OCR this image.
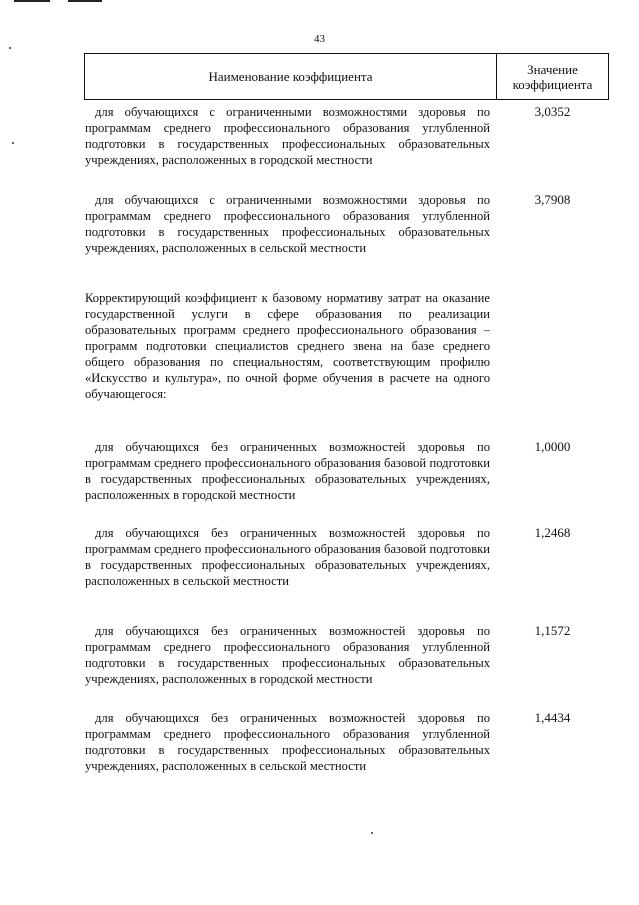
43
Наименование коэффициента	Значение коэффициента
для обучающихся с ограниченными возможностями здоровья по программам среднего профессионального образования углубленной подготовки в государственных профессиональных образовательных учреждениях, расположенных в городской местности
3,0352
для обучающихся с ограниченными возможностями здоровья по программам среднего профессионального образования углубленной подготовки в государственных профессиональных образовательных учреждениях, расположенных в сельской местности
3,7908
Корректирующий коэффициент к базовому нормативу затрат на оказание государственной услуги в сфере образования по реализации образовательных программ среднего профессионального образования – программ подготовки специалистов среднего звена на базе среднего общего образования по специальностям, соответствующим профилю «Искусство и культура», по очной форме обучения в расчете на одного обучающегося:
для обучающихся без ограниченных возможностей здоровья по программам среднего профессионального образования базовой подготовки в государственных профессиональных образовательных учреждениях, расположенных в городской местности
1,0000
для обучающихся без ограниченных возможностей здоровья по программам среднего профессионального образования базовой подготовки в государственных профессиональных образовательных учреждениях, расположенных в сельской местности
1,2468
для обучающихся без ограниченных возможностей здоровья по программам среднего профессионального образования углубленной подготовки в государственных профессиональных образовательных учреждениях, расположенных в городской местности
1,1572
для обучающихся без ограниченных возможностей здоровья по программам среднего профессионального образования углубленной подготовки в государственных профессиональных образовательных учреждениях, расположенных в сельской местности
1,4434
